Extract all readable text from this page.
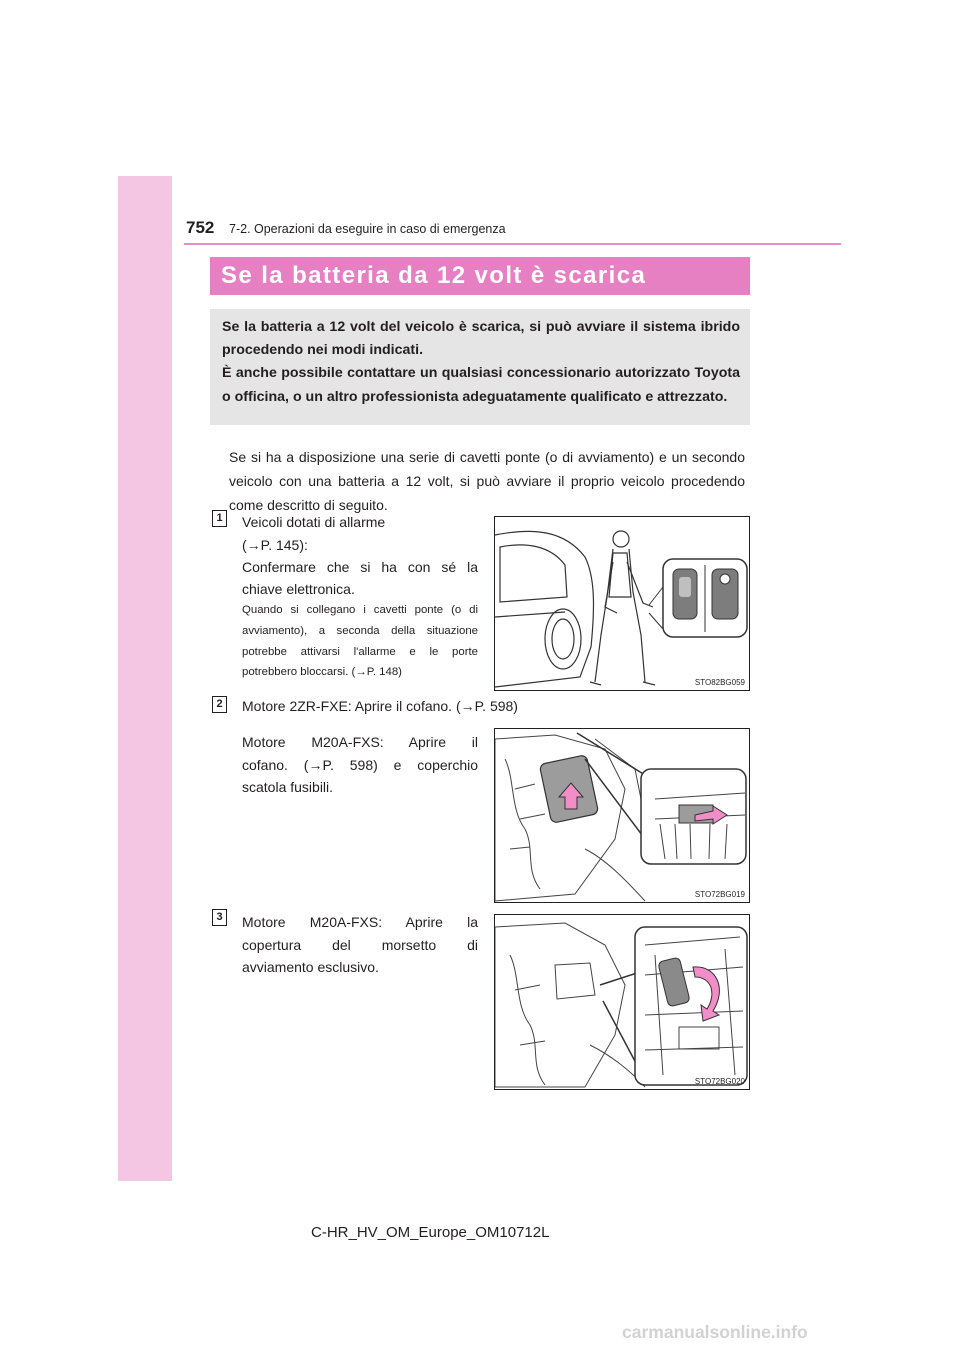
752 7-2. Operazioni da eseguire in caso di emergenza
Se la batteria da 12 volt è scarica

Se la batteria a 12 volt del veicolo è scarica, si può avviare il sistema ibrido procedendo nei modi indicati.

È anche possibile contattare un qualsiasi concessionario autorizzato Toyota o officina, o un altro professionista adeguatamente qualificato e attrezzato.

Se si ha a disposizione una serie di cavetti ponte (o di avviamento) e un secondo veicolo con una batteria a 12 volt, si può avviare il proprio veicolo procedendo come descritto di seguito.

1	Veicoli dotati di allarme

(→P. 145):

Confermare che si ha con sé la

chiave elettronica.

Quando si collegano i cavetti ponte (o di avviamento), a seconda della situazione potrebbe attivarsi l'allarme e le porte potrebbero bloccarsi. (→P. 148)

STO82BG059
2	Motore 2ZR-FXE: Aprire il cofano. (→P. 598)

Motore M20A-FXS: Aprire il

cofano. (→P. 598) e coperchio

scatola fusibili.

STO72BG019
3	Motore M20A-FXS: Aprire la

copertura del morsetto di

avviamento esclusivo.

STO72BG020
C-HR_HV_OM_Europe_OM10712L
carmanualsonline.info
